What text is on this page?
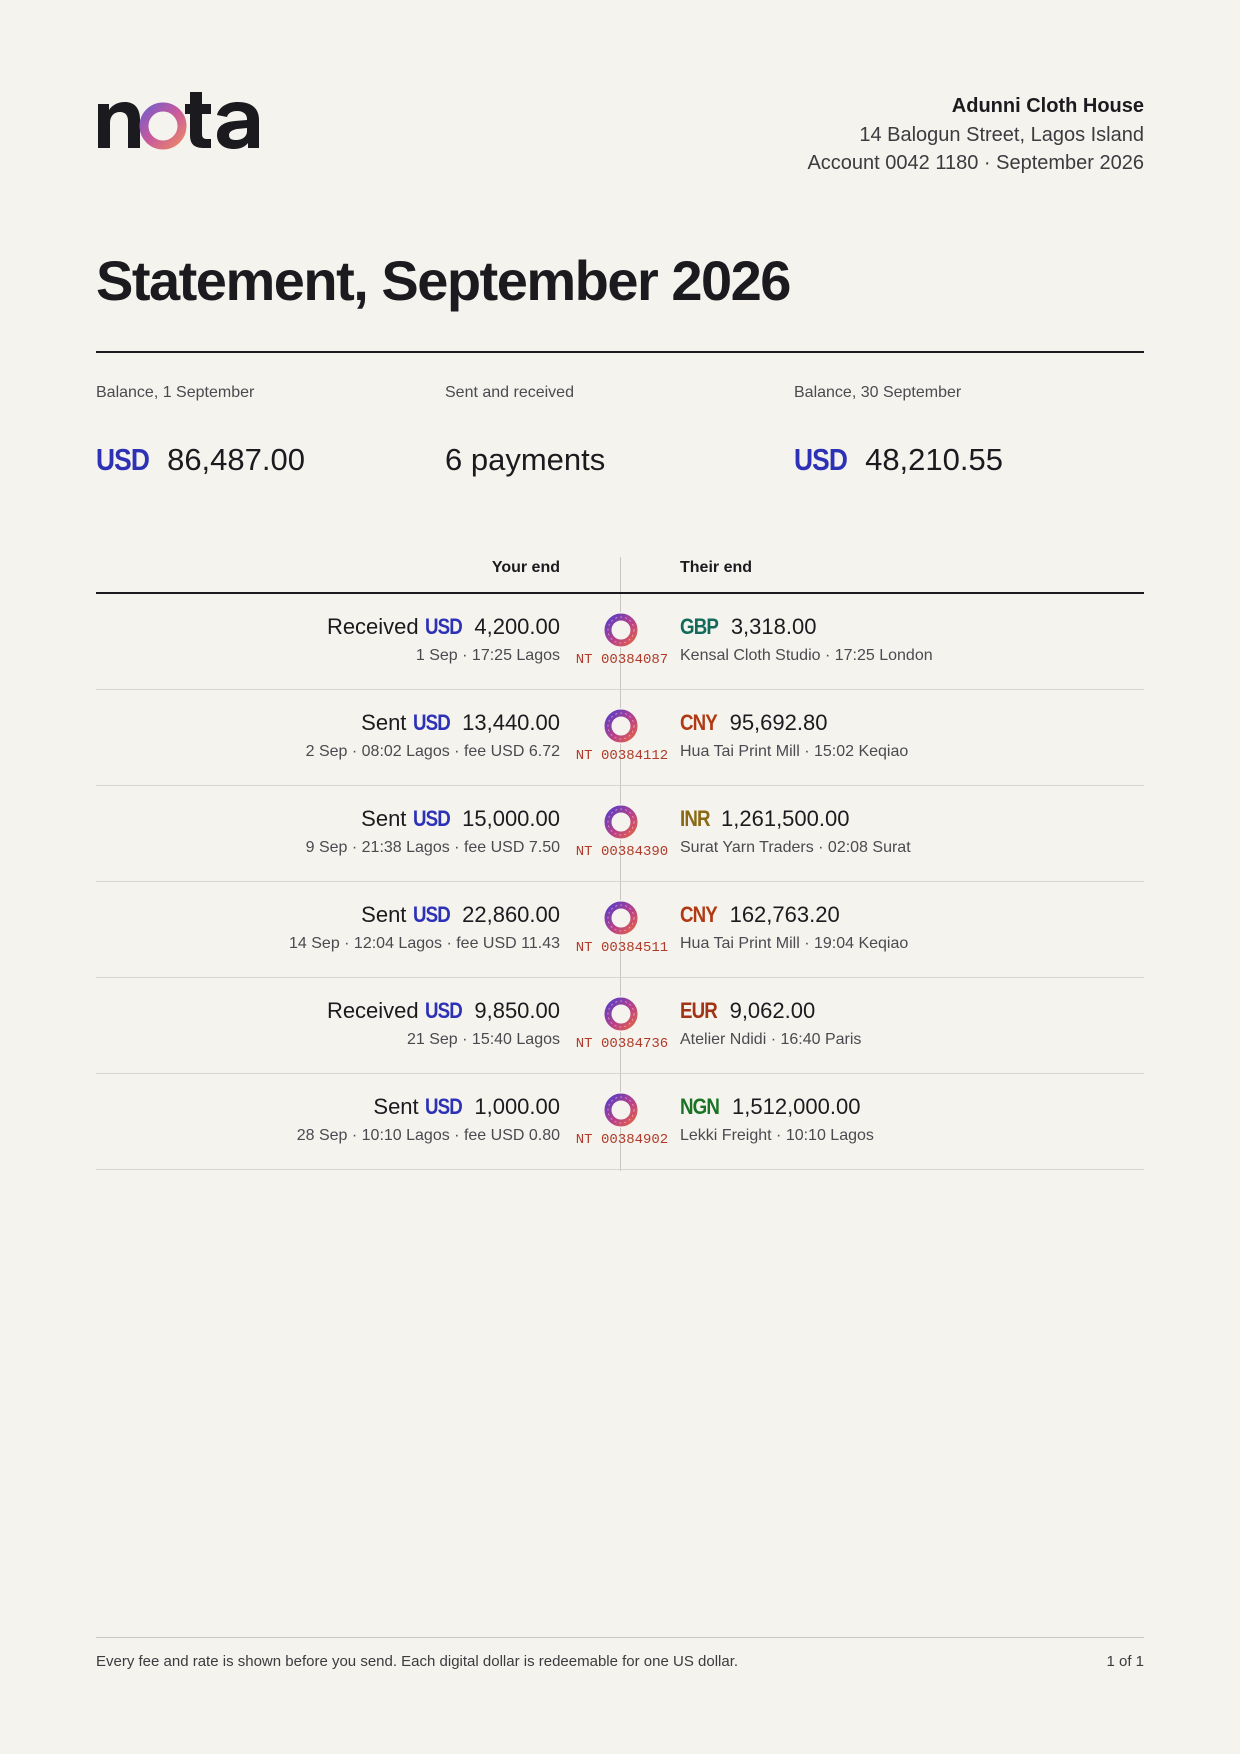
Adunni Cloth House
14 Balogun Street, Lagos Island
Account 0042 1180 · September 2026
Statement, September 2026
Balance, 1 September
USD 86,487.00
Sent and received
6 payments
Balance, 30 September
USD 48,210.55
Your end	Their end
Received USD 4,200.00
1 Sep · 17:25 Lagos NT 00384087
GBP 3,318.00
Kensal Cloth Studio · 17:25 London
Sent USD 13,440.00
2 Sep · 08:02 Lagos · fee USD 6.72 NT 00384112
CNY 95,692.80
Hua Tai Print Mill · 15:02 Keqiao
Sent USD 15,000.00
9 Sep · 21:38 Lagos · fee USD 7.50 NT 00384390
INR 1,261,500.00
Surat Yarn Traders · 02:08 Surat
Sent USD 22,860.00
14 Sep · 12:04 Lagos · fee USD 11.43 NT 00384511
CNY 162,763.20
Hua Tai Print Mill · 19:04 Keqiao
Received USD 9,850.00
21 Sep · 15:40 Lagos NT 00384736
EUR 9,062.00
Atelier Ndidi · 16:40 Paris
Sent USD 1,000.00
28 Sep · 10:10 Lagos · fee USD 0.80 NT 00384902
NGN 1,512,000.00
Lekki Freight · 10:10 Lagos
Every fee and rate is shown before you send. Each digital dollar is redeemable for one US dollar.	1 of 1
